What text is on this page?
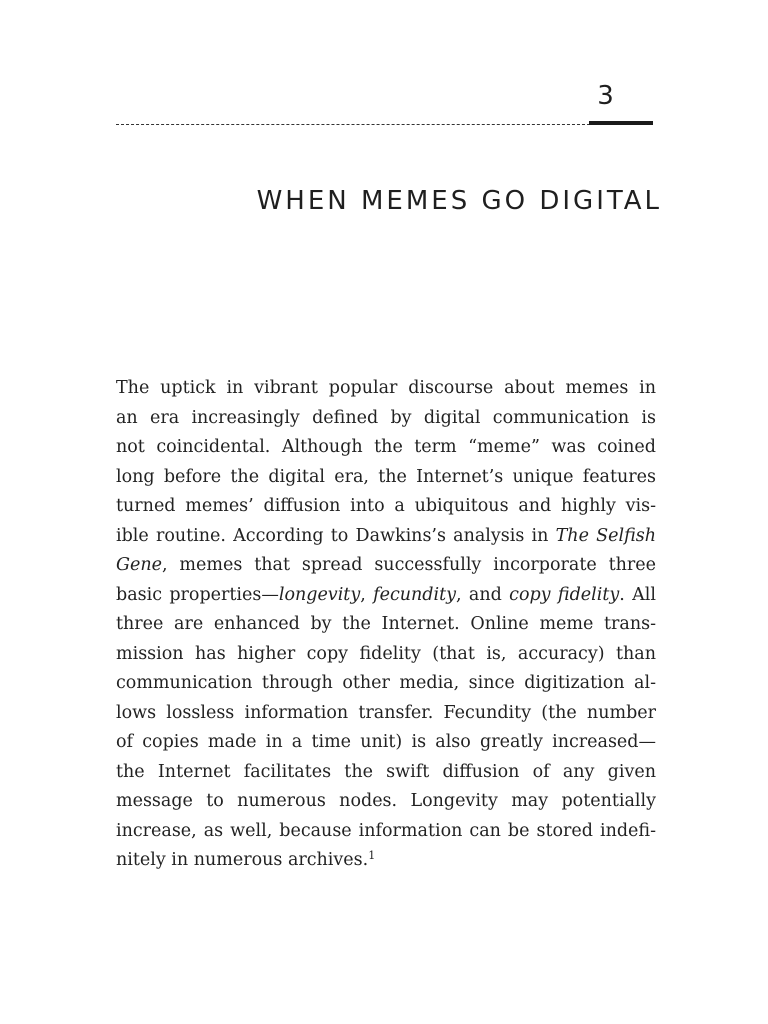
3
WHEN MEMES GO DIGITAL
The uptick in vibrant popular discourse about memes in
an era increasingly defined by digital communication is
not coincidental. Although the term “meme” was coined
long before the digital era, the Internet’s unique features
turned memes’ diffusion into a ubiquitous and highly vis-
ible routine. According to Dawkins’s analysis in The Selfish
Gene, memes that spread successfully incorporate three
basic properties—longevity, fecundity, and copy fidelity. All
three are enhanced by the Internet. Online meme trans-
mission has higher copy fidelity (that is, accuracy) than
communication through other media, since digitization al-
lows lossless information transfer. Fecundity (the number
of copies made in a time unit) is also greatly increased—
the Internet facilitates the swift diffusion of any given
message to numerous nodes. Longevity may potentially
increase, as well, because information can be stored indefi-
nitely in numerous archives.$^1$
